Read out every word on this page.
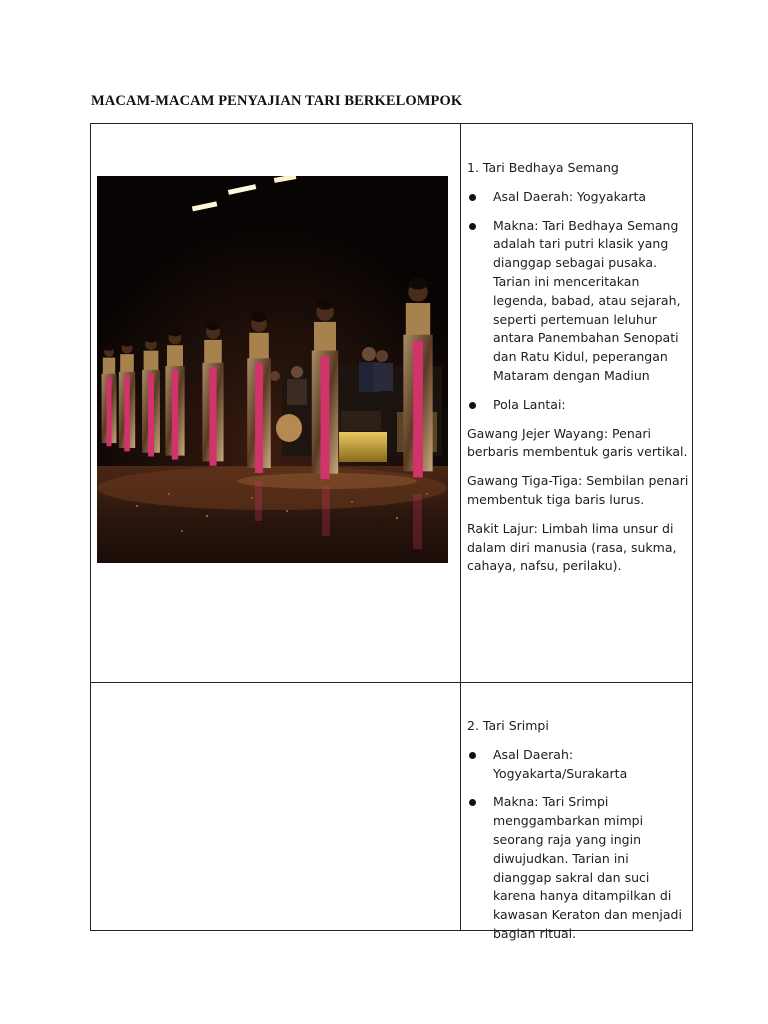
MACAM-MACAM PENYAJIAN TARI BERKELOMPOK

1. Tari Bedhaya Semang

Asal Daerah: Yogyakarta
Makna: Tari Bedhaya Semang adalah tari putri klasik yang dianggap sebagai pusaka. Tarian ini menceritakan legenda, babad, atau sejarah, seperti pertemuan leluhur antara Panembahan Senopati dan Ratu Kidul, peperangan Mataram dengan Madiun
Pola Lantai:

Gawang Jejer Wayang: Penari berbaris membentuk garis vertikal.

Gawang Tiga-Tiga: Sembilan penari membentuk tiga baris lurus.

Rakit Lajur: Limbah lima unsur di dalam diri manusia (rasa, sukma, cahaya, nafsu, perilaku).

2. Tari Srimpi

Asal Daerah: Yogyakarta/Surakarta
Makna: Tari Srimpi menggambarkan mimpi seorang raja yang ingin diwujudkan. Tarian ini dianggap sakral dan suci karena hanya ditampilkan di kawasan Keraton dan menjadi bagian ritual.
